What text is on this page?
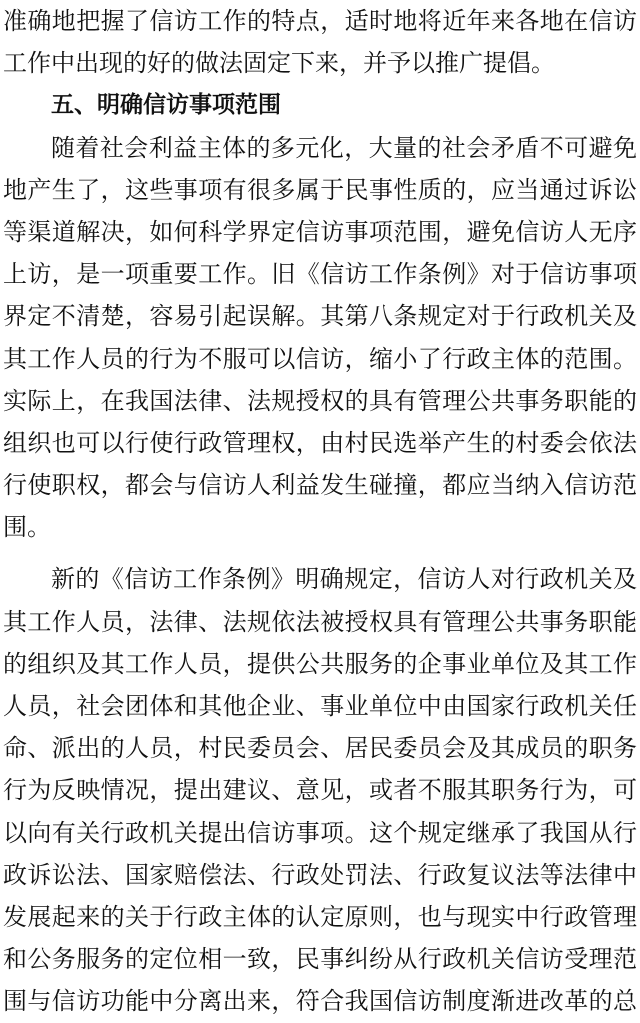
准确地把握了信访工作的特点，适时地将近年来各地在信访
工作中出现的好的做法固定下来，并予以推广提倡。
五、明确信访事项范围
随着社会利益主体的多元化，大量的社会矛盾不可避免
地产生了，这些事项有很多属于民事性质的，应当通过诉讼
等渠道解决，如何科学界定信访事项范围，避免信访人无序
上访，是一项重要工作。旧《信访工作条例》对于信访事项
界定不清楚，容易引起误解。其第八条规定对于行政机关及
其工作人员的行为不服可以信访，缩小了行政主体的范围。
实际上，在我国法律、法规授权的具有管理公共事务职能的
组织也可以行使行政管理权，由村民选举产生的村委会依法
行使职权，都会与信访人利益发生碰撞，都应当纳入信访范
围。
新的《信访工作条例》明确规定，信访人对行政机关及
其工作人员，法律、法规依法被授权具有管理公共事务职能
的组织及其工作人员，提供公共服务的企事业单位及其工作
人员，社会团体和其他企业、事业单位中由国家行政机关任
命、派出的人员，村民委员会、居民委员会及其成员的职务
行为反映情况，提出建议、意见，或者不服其职务行为，可
以向有关行政机关提出信访事项。这个规定继承了我国从行
政诉讼法、国家赔偿法、行政处罚法、行政复议法等法律中
发展起来的关于行政主体的认定原则，也与现实中行政管理
和公务服务的定位相一致，民事纠纷从行政机关信访受理范
围与信访功能中分离出来，符合我国信访制度渐进改革的总
